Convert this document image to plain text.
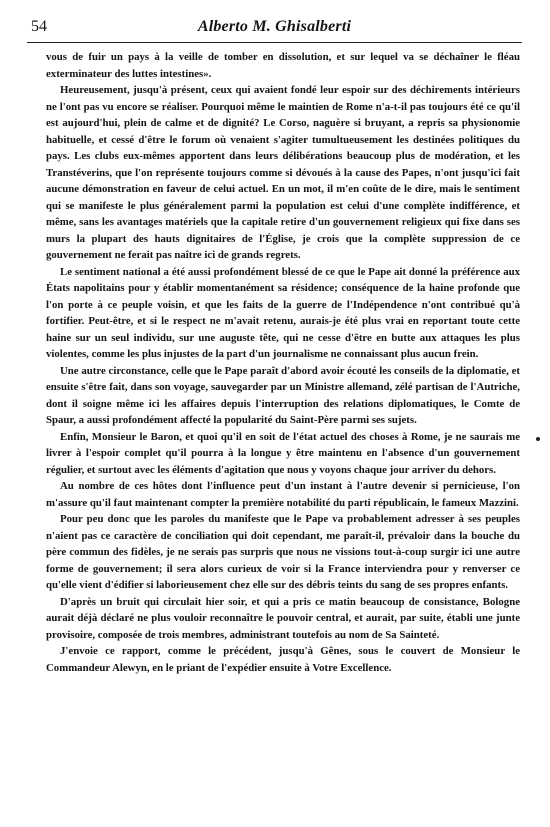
54	Alberto M. Ghisalberti

vous de fuir un pays à la veille de tomber en dissolution, et sur lequel va se déchaîner le fléau exterminateur des luttes intestines».

Heureusement, jusqu'à présent, ceux qui avaient fondé leur espoir sur des déchirements intérieurs ne l'ont pas vu encore se réaliser. Pourquoi même le maintien de Rome n'a-t-il pas toujours été ce qu'il est aujourd'hui, plein de calme et de dignité? Le Corso, naguère si bruyant, a repris sa physionomie habituelle, et cessé d'être le forum où venaient s'agiter tumultueusement les destinées politiques du pays. Les clubs eux-mêmes apportent dans leurs délibérations beaucoup plus de modération, et les Transtéverins, que l'on représente toujours comme si dévoués à la cause des Papes, n'ont jusqu'ici fait aucune démonstration en faveur de celui actuel. En un mot, il m'en coûte de le dire, mais le sentiment qui se manifeste le plus généralement parmi la population est celui d'une complète indifférence, et même, sans les avantages matériels que la capitale retire d'un gouvernement religieux qui fixe dans ses murs la plupart des hauts dignitaires de l'Église, je crois que la complète suppression de ce gouvernement ne ferait pas naître ici de grands regrets.

Le sentiment national a été aussi profondément blessé de ce que le Pape ait donné la préférence aux États napolitains pour y établir momentanément sa résidence; conséquence de la haine profonde que l'on porte à ce peuple voisin, et que les faits de la guerre de l'Indépendence n'ont contribué qu'à fortifier. Peut-être, et si le respect ne m'avait retenu, aurais-je été plus vrai en reportant toute cette haine sur un seul individu, sur une auguste tête, qui ne cesse d'être en butte aux attaques les plus violentes, comme les plus injustes de la part d'un journalisme ne connaissant plus aucun frein.

Une autre circonstance, celle que le Pape paraît d'abord avoir écouté les conseils de la diplomatie, et ensuite s'être fait, dans son voyage, sauvegarder par un Ministre allemand, zélé partisan de l'Autriche, dont il soigne même ici les affaires depuis l'interruption des relations diplomatiques, le Comte de Spaur, a aussi profondément affecté la popularité du Saint-Père parmi ses sujets.

Enfin, Monsieur le Baron, et quoi qu'il en soit de l'état actuel des choses à Rome, je ne saurais me livrer à l'espoir complet qu'il pourra à la longue y être maintenu en l'absence d'un gouvernement régulier, et surtout avec les éléments d'agitation que nous y voyons chaque jour arriver du dehors.

Au nombre de ces hôtes dont l'influence peut d'un instant à l'autre devenir si pernicieuse, l'on m'assure qu'il faut maintenant compter la première notabilité du parti républicain, le fameux Mazzini.

Pour peu donc que les paroles du manifeste que le Pape va probablement adresser à ses peuples n'aient pas ce caractère de conciliation qui doit cependant, me paraît-il, prévaloir dans la bouche du père commun des fidèles, je ne serais pas surpris que nous ne vissions tout-à-coup surgir ici une autre forme de gouvernement; il sera alors curieux de voir si la France interviendra pour y renverser ce qu'elle vient d'édifier si laborieusement chez elle sur des débris teints du sang de ses propres enfants.

D'après un bruit qui circulait hier soir, et qui a pris ce matin beaucoup de consistance, Bologne aurait déjà déclaré ne plus vouloir reconnaître le pouvoir central, et aurait, par suite, établi une junte provisoire, composée de trois membres, administrant toutefois au nom de Sa Sainteté.

J'envoie ce rapport, comme le précédent, jusqu'à Gênes, sous le couvert de Monsieur le Commandeur Alewyn, en le priant de l'expédier ensuite à Votre Excellence.
